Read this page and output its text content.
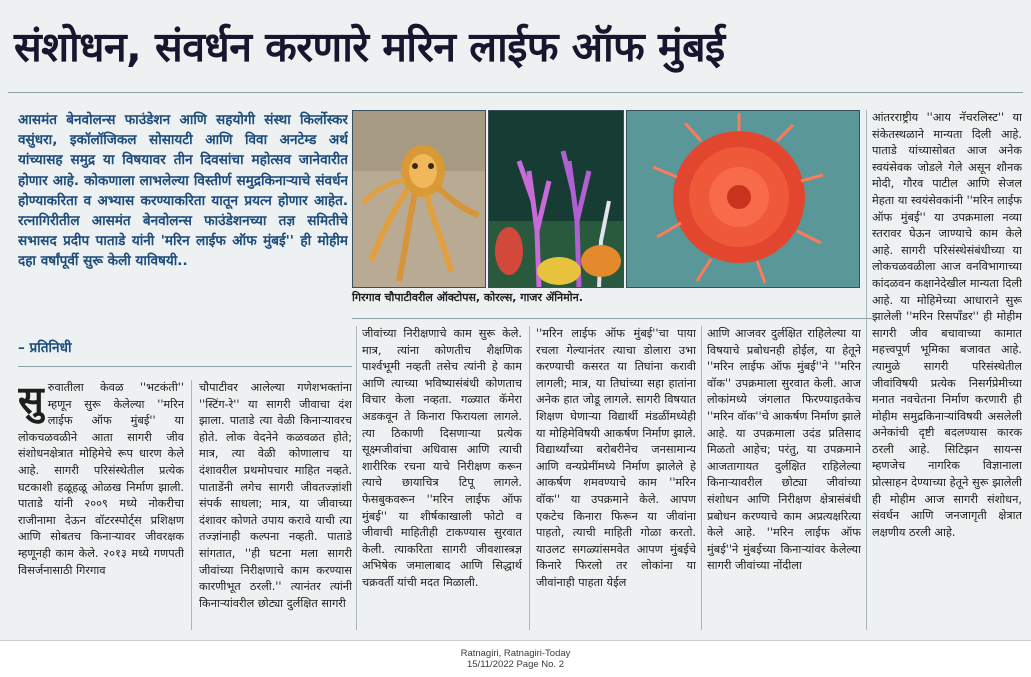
संशोधन, संवर्धन करणारे मरिन लाईफ ऑफ मुंबई
आसमंत बेनवोलन्स फाउंडेशन आणि सहयोगी संस्था किर्लोस्कर वसुंधरा, इकॉलॉजिकल सोसायटी आणि विवा अनटेम्ड अर्थ यांच्यासह समुद्र या विषयावर तीन दिवसांचा महोत्सव जानेवारीत होणार आहे. कोकणाला लाभलेल्या विस्तीर्ण समुद्रकिनाऱ्याचे संवर्धन होण्याकरिता व अभ्यास करण्याकरिता यातून प्रयत्न होणार आहेत. रत्नागिरीतील आसमंत बेनवोलन्स फाउंडेशनच्या तज्ञ समितीचे सभासद प्रदीप पाताडे यांनी 'मरिन लाईफ ऑफ मुंबई'' ही मोहीम दहा वर्षांपूर्वी सुरू केली याविषयी..
– प्रतिनिधी
गिरगाव चौपाटीवरील ऑक्टोपस, कोरल्स, गाजर ॲनिमोन.
सुरुवातीला केवळ ''भटकंती'' म्हणून सुरू केलेल्या ''मरिन लाईफ ऑफ मुंबई'' या लोकचळवळीने आता सागरी जीव संशोधनक्षेत्रात मोहिमेचे रूप धारण केले आहे. सागरी परिसंस्थेतील प्रत्येक घटकाशी हळूहळू ओळख निर्माण झाली. पाताडे यांनी २००९ मध्ये नोकरीचा राजीनामा देऊन वॉटरस्पोर्ट्स प्रशिक्षण आणि सोबतच किनाऱ्यावर जीवरक्षक म्हणूनही काम केले. २०१३ मध्ये गणपती विसर्जनासाठी गिरगाव
चौपाटीवर आलेल्या गणेशभक्तांना ''स्टिंग-रे'' या सागरी जीवाचा दंश झाला. पाताडे त्या वेळी किनाऱ्यावरच होते. लोक वेदनेने कळवळत होते; मात्र, त्या वेळी कोणालाच या दंशावरील प्रथमोपचार माहित नव्हते. पाताडेंनी लगेच सागरी जीवतज्ज्ञांशी संपर्क साधला; मात्र, या जीवाच्या दंशावर कोणते उपाय करावे याची त्या तज्ज्ञांनाही कल्पना नव्हती. पाताडे सांगतात, ''ही घटना मला सागरी जीवांच्या निरीक्षणाचे काम करण्यास कारणीभूत ठरली.'' त्यानंतर त्यांनी किनाऱ्यांवरील छोट्या दुर्लक्षित सागरी
जीवांच्या निरीक्षणाचे काम सुरू केले. मात्र, त्यांना कोणतीच शैक्षणिक पार्श्वभूमी नव्हती तसेच त्यांनी हे काम आणि त्याच्या भविष्यासंबंधी कोणताच विचार केला नव्हता. गळ्यात कॅमेरा अडकवून ते किनारा फिरायला लागले. त्या ठिकाणी दिसणाऱ्या प्रत्येक सूक्ष्मजीवांचा अधिवास आणि त्याची शारीरिक रचना याचे निरीक्षण करून त्याचे छायाचित्र टिपू लागले. फेसबुकवरून ''मरिन लाईफ ऑफ मुंबई'' या शीर्षकाखाली फोटो व जीवाची माहितीही टाकण्यास सुरवात केली. त्याकरिता सागरी जीवशास्त्रज्ञ अभिषेक जमालाबाद आणि सिद्धार्थ चक्रवर्ती यांची मदत मिळाली.
''मरिन लाईफ ऑफ मुंबई''चा पाया रचला गेल्यानंतर त्याचा डोलारा उभा करण्याची कसरत या तिघांना करावी लागली; मात्र, या तिघांच्या सहा हातांना अनेक हात जोडू लागले. सागरी विषयात शिक्षण घेणाऱ्या विद्यार्थी मंडळींमध्येही या मोहिमेविषयी आकर्षण निर्माण झाले. विद्यार्थ्यांच्या बरोबरीनेच जनसामान्य आणि वन्यप्रेमींमध्ये निर्माण झालेले हे आकर्षण शमवण्याचे काम ''मरिन वॉक'' या उपक्रमाने केले. आपण एकटेच किनारा फिरून या जीवांना पाहतो, त्याची माहिती गोळा करतो. याउलट सगळ्यांसमवेत आपण मुंबईचे किनारे फिरलो तर लोकांना या जीवांनाही पाहता येईल
आणि आजवर दुर्लक्षित राहिलेल्या या विषयाचे प्रबोधनही होईल, या हेतूने ''मरिन लाईफ ऑफ मुंबई''ने ''मरिन वॉक'' उपक्रमाला सुरवात केली. आज लोकांमध्ये जंगलात फिरण्याइतकेच ''मरिन वॉक''चे आकर्षण निर्माण झाले आहे. या उपक्रमाला उदंड प्रतिसाद मिळतो आहेच; परंतु, या उपक्रमाने आजतागायत दुर्लक्षित राहिलेल्या किनाऱ्यावरील छोट्या जीवांच्या संशोधन आणि निरीक्षण क्षेत्रासंबंधी प्रबोधन करण्याचे काम अप्रत्यक्षरित्या केले आहे. ''मरिन लाईफ ऑफ मुंबई''ने मुंबईच्या किनाऱ्यांवर केलेल्या सागरी जीवांच्या नोंदीला
आंतरराष्ट्रीय ''आय नॅचरलिस्ट'' या संकेतस्थळाने मान्यता दिली आहे. पाताडे यांच्यासोबत आज अनेक स्वयंसेवक जोडले गेले असून शौनक मोदी, गौरव पाटील आणि सेजल मेहता या स्वयंसेवकांनी ''मरिन लाईफ ऑफ मुंबई'' या उपक्रमाला नव्या स्तरावर घेऊन जाण्याचे काम केले आहे. सागरी परिसंस्थेसंबंधीच्या या लोकचळवळीला आज वनविभागाच्या कांदळवन कक्षानेदेखील मान्यता दिली आहे. या मोहिमेच्या आधाराने सुरू झालेली ''मरिन रिसपॉंडर'' ही मोहीम सागरी जीव बचावाच्या कामात महत्त्वपूर्ण भूमिका बजावत आहे. त्यामुळे सागरी परिसंस्थेतील जीवांविषयी प्रत्येक निसर्गप्रेमीच्या मनात नवचेतना निर्माण करणारी ही मोहीम समुद्रकिनाऱ्यांविषयी असलेली अनेकांची दृष्टी बदलण्यास कारक ठरली आहे. सिटिझन सायन्स म्हणजेच नागरिक विज्ञानाला प्रोत्साहन देण्याच्या हेतूने सुरू झालेली ही मोहीम आज सागरी संशोधन, संवर्धन आणि जनजागृती क्षेत्रात लक्षणीय ठरली आहे.
Ratnagiri, Ratnagiri-Today
15/11/2022 Page No. 2
